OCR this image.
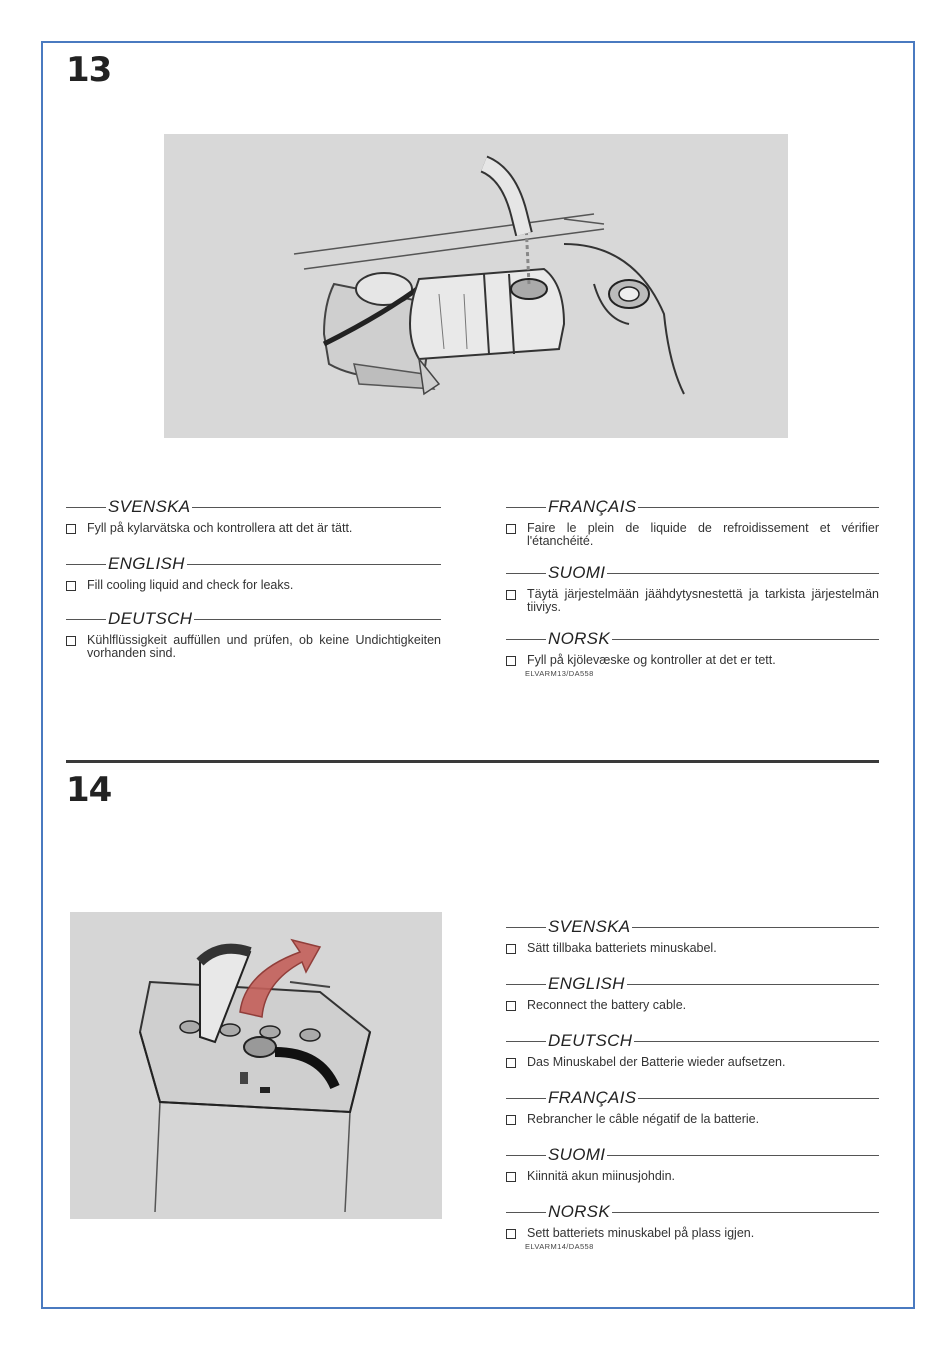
13
SVENSKA
Fyll på kylarvätska och kontrollera att det är tätt.
ENGLISH
Fill cooling liquid and check for leaks.
DEUTSCH
Kühlflüssigkeit auffüllen und prüfen, ob keine Undichtigkeiten vorhanden sind.
FRANÇAIS
Faire le plein de liquide de refroidissement et vérifier l'étanchéité.
SUOMI
Täytä järjestelmään jäähdytysnestettä ja tarkista järjestelmän tiiviys.
NORSK
Fyll på kjölevæske og kontroller at det er tett.
ELVARM13/DA558
14
SVENSKA
Sätt tillbaka batteriets minuskabel.
ENGLISH
Reconnect the battery cable.
DEUTSCH
Das Minuskabel der Batterie wieder aufsetzen.
FRANÇAIS
Rebrancher le câble négatif de la batterie.
SUOMI
Kiinnitä akun miinusjohdin.
NORSK
Sett batteriets minuskabel på plass igjen.
ELVARM14/DA558
